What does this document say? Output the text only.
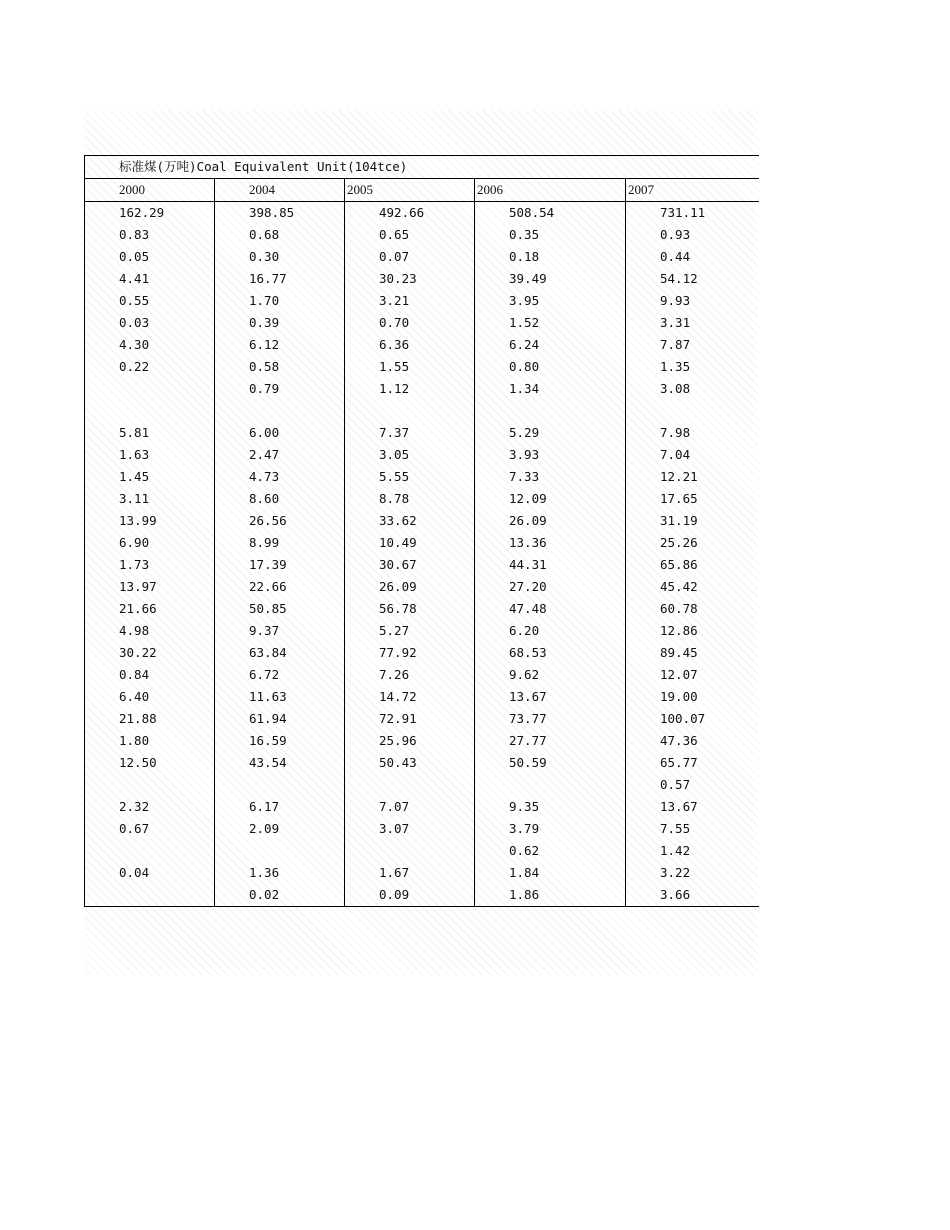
标准煤(万吨)Coal Equivalent Unit(104tce)				
2000	2004	2005	2006	2007
162.29	398.85	492.66	508.54	731.11
0.83	0.68	0.65	0.35	0.93
0.05	0.30	0.07	0.18	0.44
4.41	16.77	30.23	39.49	54.12
0.55	1.70	3.21	3.95	9.93
0.03	0.39	0.70	1.52	3.31
4.30	6.12	6.36	6.24	7.87
0.22	0.58	1.55	0.80	1.35
	0.79	1.12	1.34	3.08

5.81	6.00	7.37	5.29	7.98
1.63	2.47	3.05	3.93	7.04
1.45	4.73	5.55	7.33	12.21
3.11	8.60	8.78	12.09	17.65
13.99	26.56	33.62	26.09	31.19
6.90	8.99	10.49	13.36	25.26
1.73	17.39	30.67	44.31	65.86
13.97	22.66	26.09	27.20	45.42
21.66	50.85	56.78	47.48	60.78
4.98	9.37	5.27	6.20	12.86
30.22	63.84	77.92	68.53	89.45
0.84	6.72	7.26	9.62	12.07
6.40	11.63	14.72	13.67	19.00
21.88	61.94	72.91	73.77	100.07
1.80	16.59	25.96	27.77	47.36
12.50	43.54	50.43	50.59	65.77
				0.57
2.32	6.17	7.07	9.35	13.67
0.67	2.09	3.07	3.79	7.55
			0.62	1.42
0.04	1.36	1.67	1.84	3.22
	0.02	0.09	1.86	3.66
